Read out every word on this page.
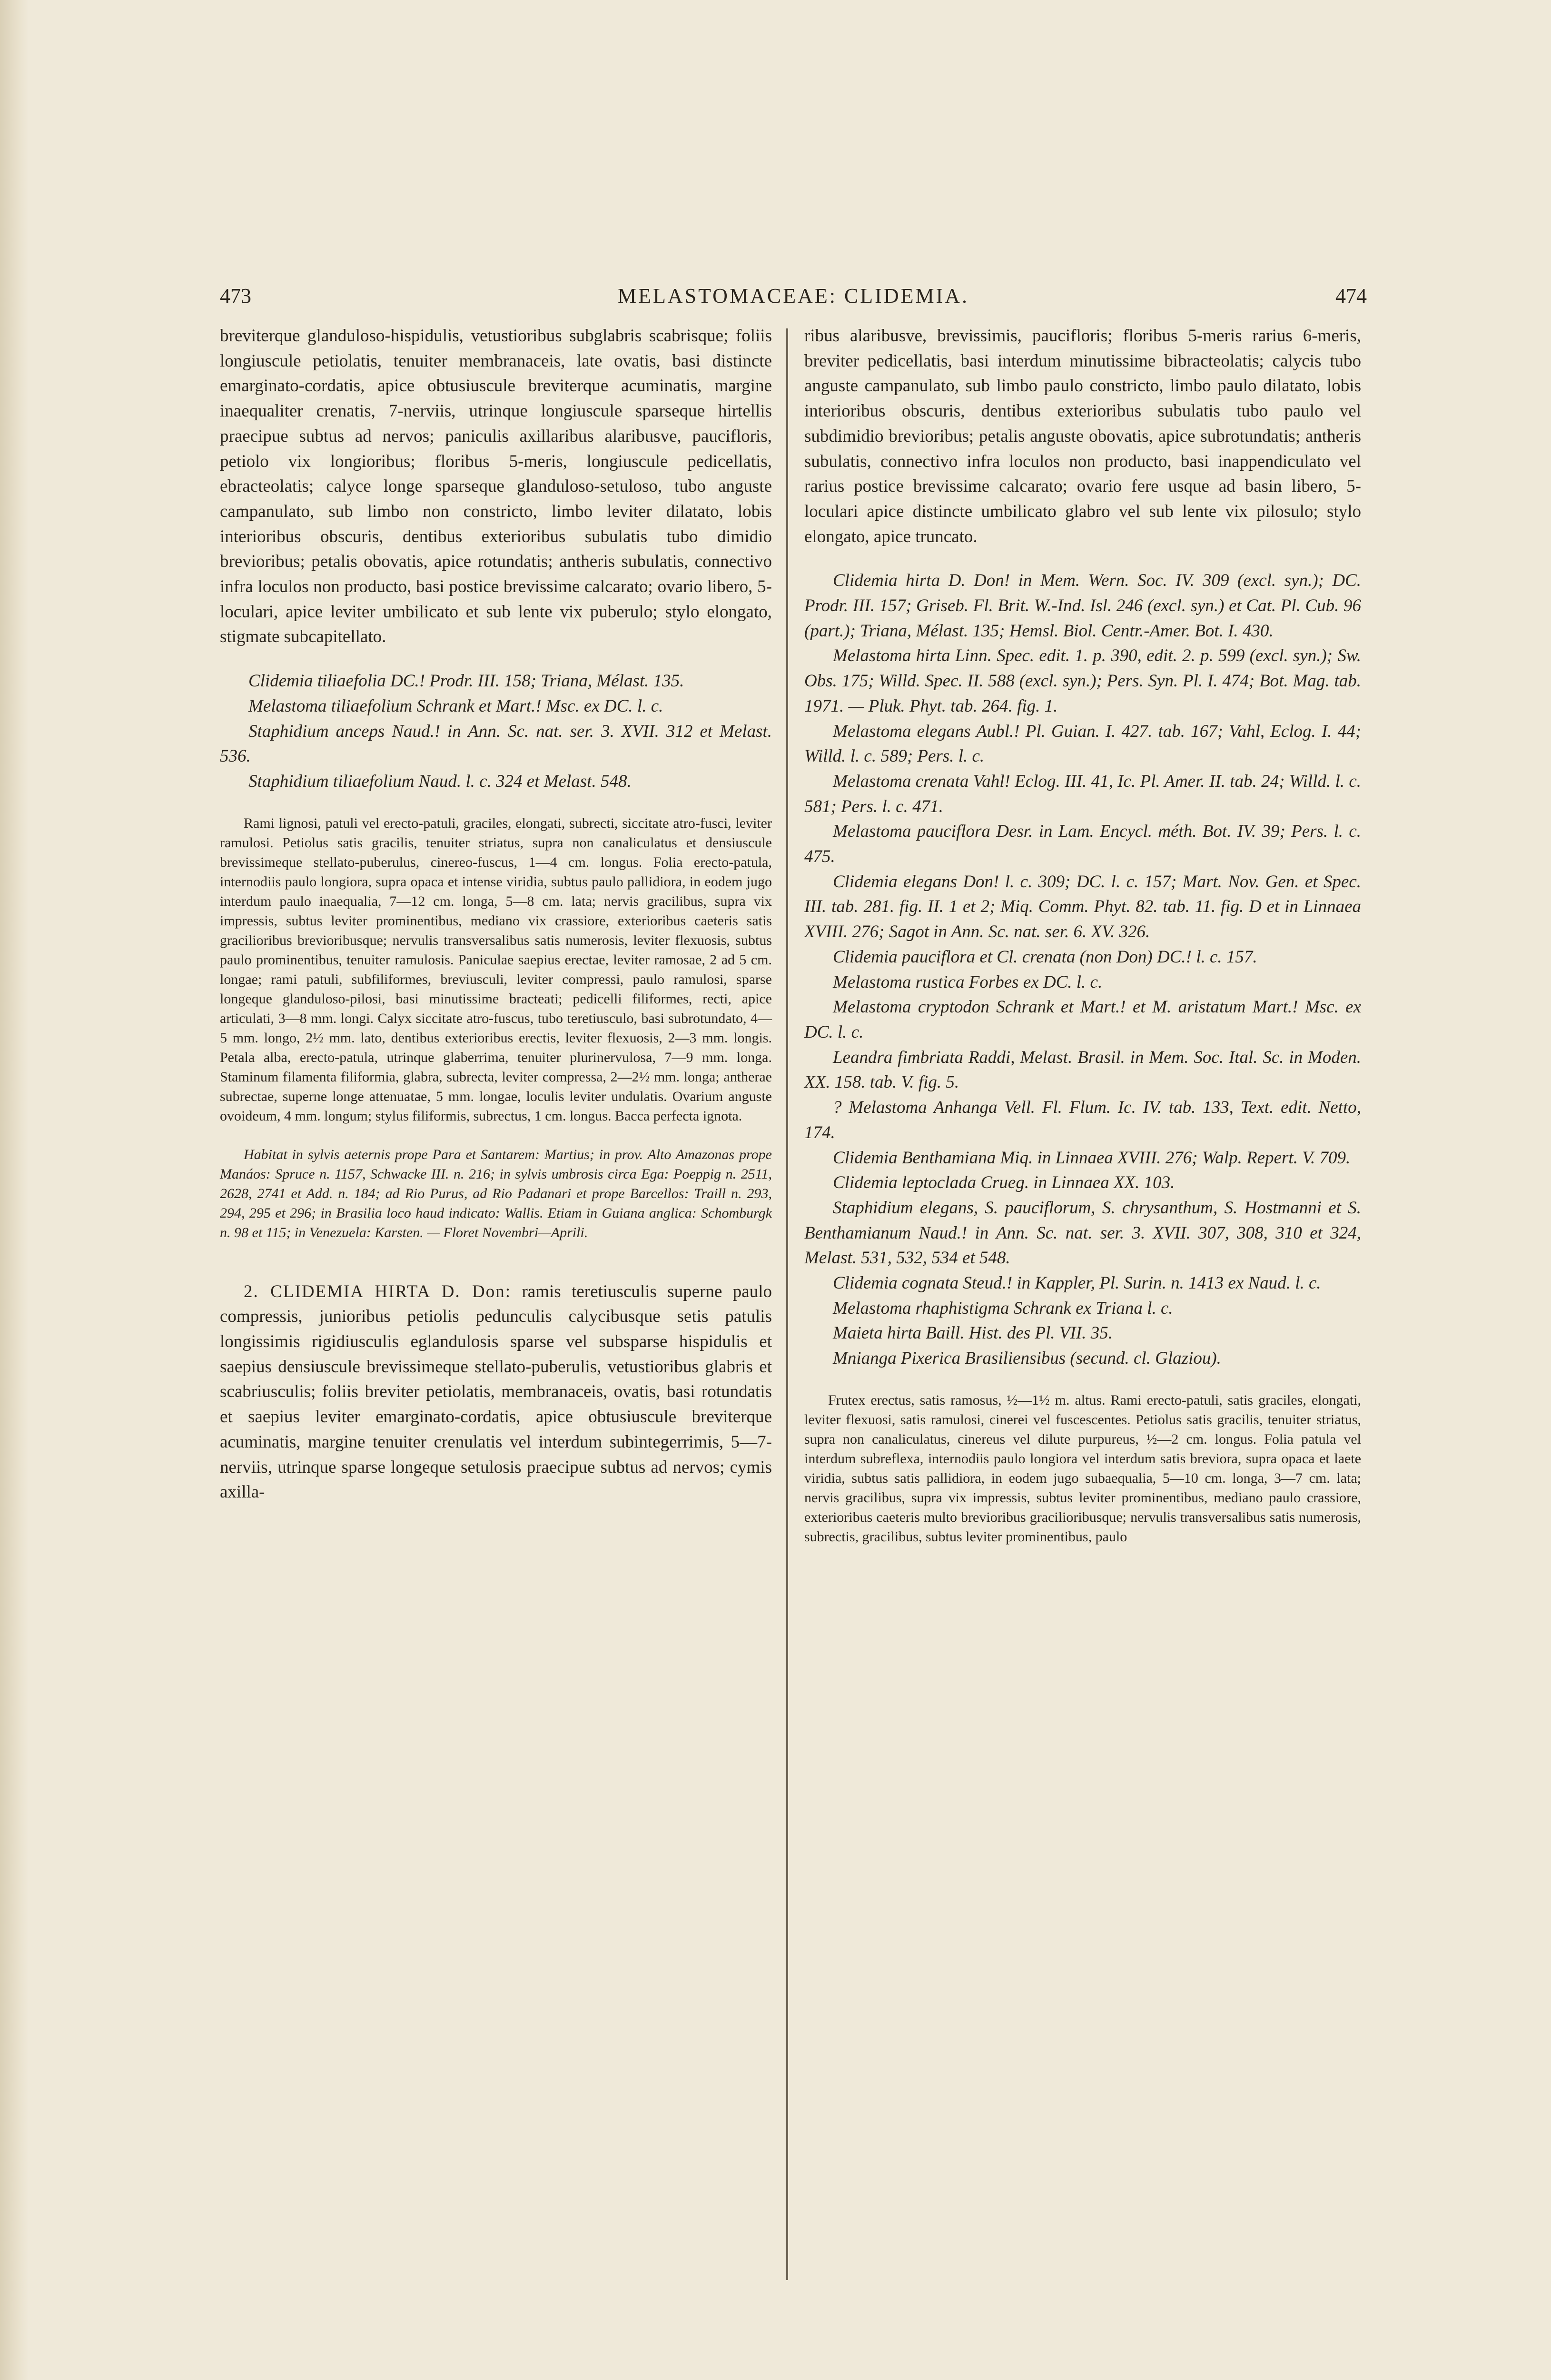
473	MELASTOMACEAE: CLIDEMIA.	474

breviterque glanduloso-hispidulis, vetustioribus subglabris scabrisque; foliis longiuscule petiolatis, tenuiter membranaceis, late ovatis, basi distincte emarginato-cordatis, apice obtusiuscule breviterque acuminatis, margine inaequaliter crenatis, 7-nerviis, utrinque longiuscule sparseque hirtellis praecipue subtus ad nervos; paniculis axillaribus alaribusve, paucifloris, petiolo vix longioribus; floribus 5-meris, longiuscule pedicellatis, ebracteolatis; calyce longe sparseque glanduloso-setuloso, tubo anguste campanulato, sub limbo non constricto, limbo leviter dilatato, lobis interioribus obscuris, dentibus exterioribus subulatis tubo dimidio brevioribus; petalis obovatis, apice rotundatis; antheris subulatis, connectivo infra loculos non producto, basi postice brevissime calcarato; ovario libero, 5-loculari, apice leviter umbilicato et sub lente vix puberulo; stylo elongato, stigmate subcapitellato.

Clidemia tiliaefolia DC.! Prodr. III. 158; Triana, Mélast. 135.

Melastoma tiliaefolium Schrank et Mart.! Msc. ex DC. l. c.

Staphidium anceps Naud.! in Ann. Sc. nat. ser. 3. XVII. 312 et Melast. 536.

Staphidium tiliaefolium Naud. l. c. 324 et Melast. 548.

Rami lignosi, patuli vel erecto-patuli, graciles, elongati, subrecti, siccitate atro-fusci, leviter ramulosi. Petiolus satis gracilis, tenuiter striatus, supra non canaliculatus et densiuscule brevissimeque stellato-puberulus, cinereo-fuscus, 1—4 cm. longus. Folia erecto-patula, internodiis paulo longiora, supra opaca et intense viridia, subtus paulo pallidiora, in eodem jugo interdum paulo inaequalia, 7—12 cm. longa, 5—8 cm. lata; nervis gracilibus, supra vix impressis, subtus leviter prominentibus, mediano vix crassiore, exterioribus caeteris satis gracilioribus brevioribusque; nervulis transversalibus satis numerosis, leviter flexuosis, subtus paulo prominentibus, tenuiter ramulosis. Paniculae saepius erectae, leviter ramosae, 2 ad 5 cm. longae; rami patuli, subfiliformes, breviusculi, leviter compressi, paulo ramulosi, sparse longeque glanduloso-pilosi, basi minutissime bracteati; pedicelli filiformes, recti, apice articulati, 3—8 mm. longi. Calyx siccitate atro-fuscus, tubo teretiusculo, basi subrotundato, 4—5 mm. longo, 2½ mm. lato, dentibus exterioribus erectis, leviter flexuosis, 2—3 mm. longis. Petala alba, erecto-patula, utrinque glaberrima, tenuiter plurinervulosa, 7—9 mm. longa. Staminum filamenta filiformia, glabra, subrecta, leviter compressa, 2—2½ mm. longa; antherae subrectae, superne longe attenuatae, 5 mm. longae, loculis leviter undulatis. Ovarium anguste ovoideum, 4 mm. longum; stylus filiformis, subrectus, 1 cm. longus. Bacca perfecta ignota.

Habitat in sylvis aeternis prope Para et Santarem: Martius; in prov. Alto Amazonas prope Manáos: Spruce n. 1157, Schwacke III. n. 216; in sylvis umbrosis circa Ega: Poeppig n. 2511, 2628, 2741 et Add. n. 184; ad Rio Purus, ad Rio Padanari et prope Barcellos: Traill n. 293, 294, 295 et 296; in Brasilia loco haud indicato: Wallis. Etiam in Guiana anglica: Schomburgk n. 98 et 115; in Venezuela: Karsten. — Floret Novembri—Aprili.

2. CLIDEMIA HIRTA D. Don: ramis teretiusculis superne paulo compressis, junioribus petiolis pedunculis calycibusque setis patulis longissimis rigidiusculis eglandulosis sparse vel subsparse hispidulis et saepius densiuscule brevissimeque stellato-puberulis, vetustioribus glabris et scabriusculis; foliis breviter petiolatis, membranaceis, ovatis, basi rotundatis et saepius leviter emarginato-cordatis, apice obtusiuscule breviterque acuminatis, margine tenuiter crenulatis vel interdum subintegerrimis, 5—7-nerviis, utrinque sparse longeque setulosis praecipue subtus ad nervos; cymis axilla-

ribus alaribusve, brevissimis, paucifloris; floribus 5-meris rarius 6-meris, breviter pedicellatis, basi interdum minutissime bibracteolatis; calycis tubo anguste campanulato, sub limbo paulo constricto, limbo paulo dilatato, lobis interioribus obscuris, dentibus exterioribus subulatis tubo paulo vel subdimidio brevioribus; petalis anguste obovatis, apice subrotundatis; antheris subulatis, connectivo infra loculos non producto, basi inappendiculato vel rarius postice brevissime calcarato; ovario fere usque ad basin libero, 5-loculari apice distincte umbilicato glabro vel sub lente vix pilosulo; stylo elongato, apice truncato.

Clidemia hirta D. Don! in Mem. Wern. Soc. IV. 309 (excl. syn.); DC. Prodr. III. 157; Griseb. Fl. Brit. W.-Ind. Isl. 246 (excl. syn.) et Cat. Pl. Cub. 96 (part.); Triana, Mélast. 135; Hemsl. Biol. Centr.-Amer. Bot. I. 430.

Melastoma hirta Linn. Spec. edit. 1. p. 390, edit. 2. p. 599 (excl. syn.); Sw. Obs. 175; Willd. Spec. II. 588 (excl. syn.); Pers. Syn. Pl. I. 474; Bot. Mag. tab. 1971. — Pluk. Phyt. tab. 264. fig. 1.

Melastoma elegans Aubl.! Pl. Guian. I. 427. tab. 167; Vahl, Eclog. I. 44; Willd. l. c. 589; Pers. l. c.

Melastoma crenata Vahl! Eclog. III. 41, Ic. Pl. Amer. II. tab. 24; Willd. l. c. 581; Pers. l. c. 471.

Melastoma pauciflora Desr. in Lam. Encycl. méth. Bot. IV. 39; Pers. l. c. 475.

Clidemia elegans Don! l. c. 309; DC. l. c. 157; Mart. Nov. Gen. et Spec. III. tab. 281. fig. II. 1 et 2; Miq. Comm. Phyt. 82. tab. 11. fig. D et in Linnaea XVIII. 276; Sagot in Ann. Sc. nat. ser. 6. XV. 326.

Clidemia pauciflora et Cl. crenata (non Don) DC.! l. c. 157.

Melastoma rustica Forbes ex DC. l. c.

Melastoma cryptodon Schrank et Mart.! et M. aristatum Mart.! Msc. ex DC. l. c.

Leandra fimbriata Raddi, Melast. Brasil. in Mem. Soc. Ital. Sc. in Moden. XX. 158. tab. V. fig. 5.

? Melastoma Anhanga Vell. Fl. Flum. Ic. IV. tab. 133, Text. edit. Netto, 174.

Clidemia Benthamiana Miq. in Linnaea XVIII. 276; Walp. Repert. V. 709.

Clidemia leptoclada Crueg. in Linnaea XX. 103.

Staphidium elegans, S. pauciflorum, S. chrysanthum, S. Hostmanni et S. Benthamianum Naud.! in Ann. Sc. nat. ser. 3. XVII. 307, 308, 310 et 324, Melast. 531, 532, 534 et 548.

Clidemia cognata Steud.! in Kappler, Pl. Surin. n. 1413 ex Naud. l. c.

Melastoma rhaphistigma Schrank ex Triana l. c.

Maieta hirta Baill. Hist. des Pl. VII. 35.

Mnianga Pixerica Brasiliensibus (secund. cl. Glaziou).

Frutex erectus, satis ramosus, ½—1½ m. altus. Rami erecto-patuli, satis graciles, elongati, leviter flexuosi, satis ramulosi, cinerei vel fuscescentes. Petiolus satis gracilis, tenuiter striatus, supra non canaliculatus, cinereus vel dilute purpureus, ½—2 cm. longus. Folia patula vel interdum subreflexa, internodiis paulo longiora vel interdum satis breviora, supra opaca et laete viridia, subtus satis pallidiora, in eodem jugo subaequalia, 5—10 cm. longa, 3—7 cm. lata; nervis gracilibus, supra vix impressis, subtus leviter prominentibus, mediano paulo crassiore, exterioribus caeteris multo brevioribus gracilioribusque; nervulis transversalibus satis numerosis, subrectis, gracilibus, subtus leviter prominentibus, paulo
